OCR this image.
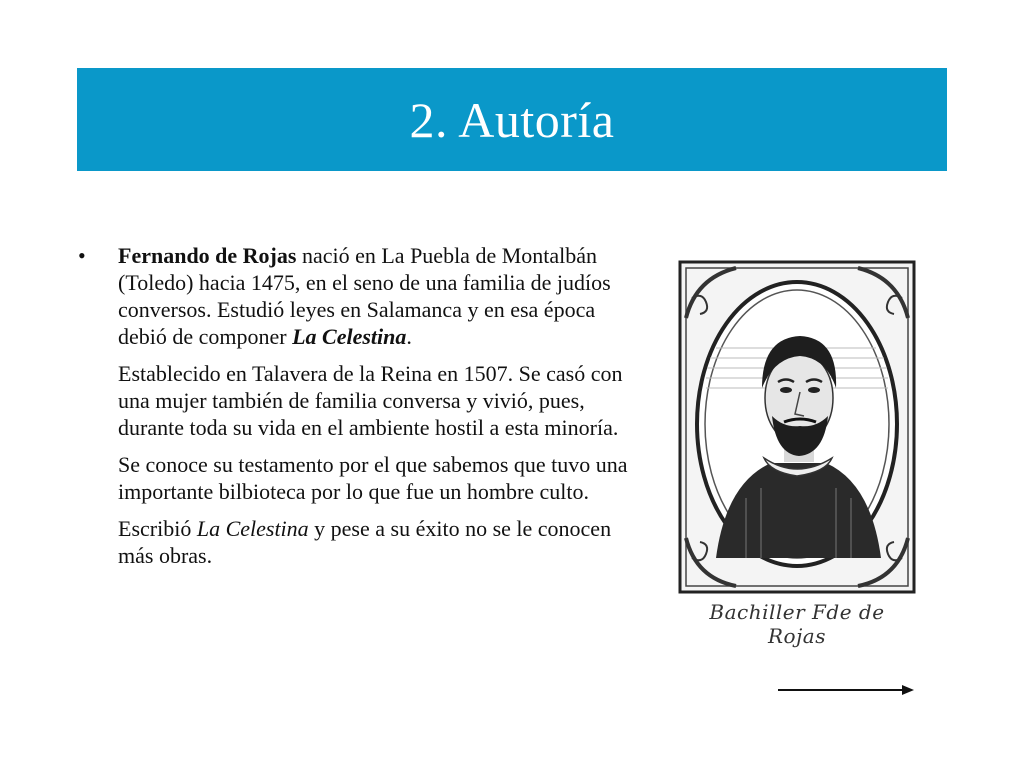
2. Autoría
• Fernando de Rojas nació en La Puebla de Montalbán (Toledo) hacia 1475, en el seno de una familia de judíos conversos. Estudió leyes en Salamanca y en esa época debió de componer La Celestina.

Establecido en Talavera de la Reina en 1507. Se casó con una mujer también de familia conversa y vivió, pues, durante toda su vida en el ambiente hostil a esta minoría.

Se conoce su testamento por el que sabemos que tuvo una importante bilbioteca por lo que fue un hombre culto.

Escribió La Celestina y pese a su éxito no se le conocen más obras.

Bachiller Fde de Rojas
